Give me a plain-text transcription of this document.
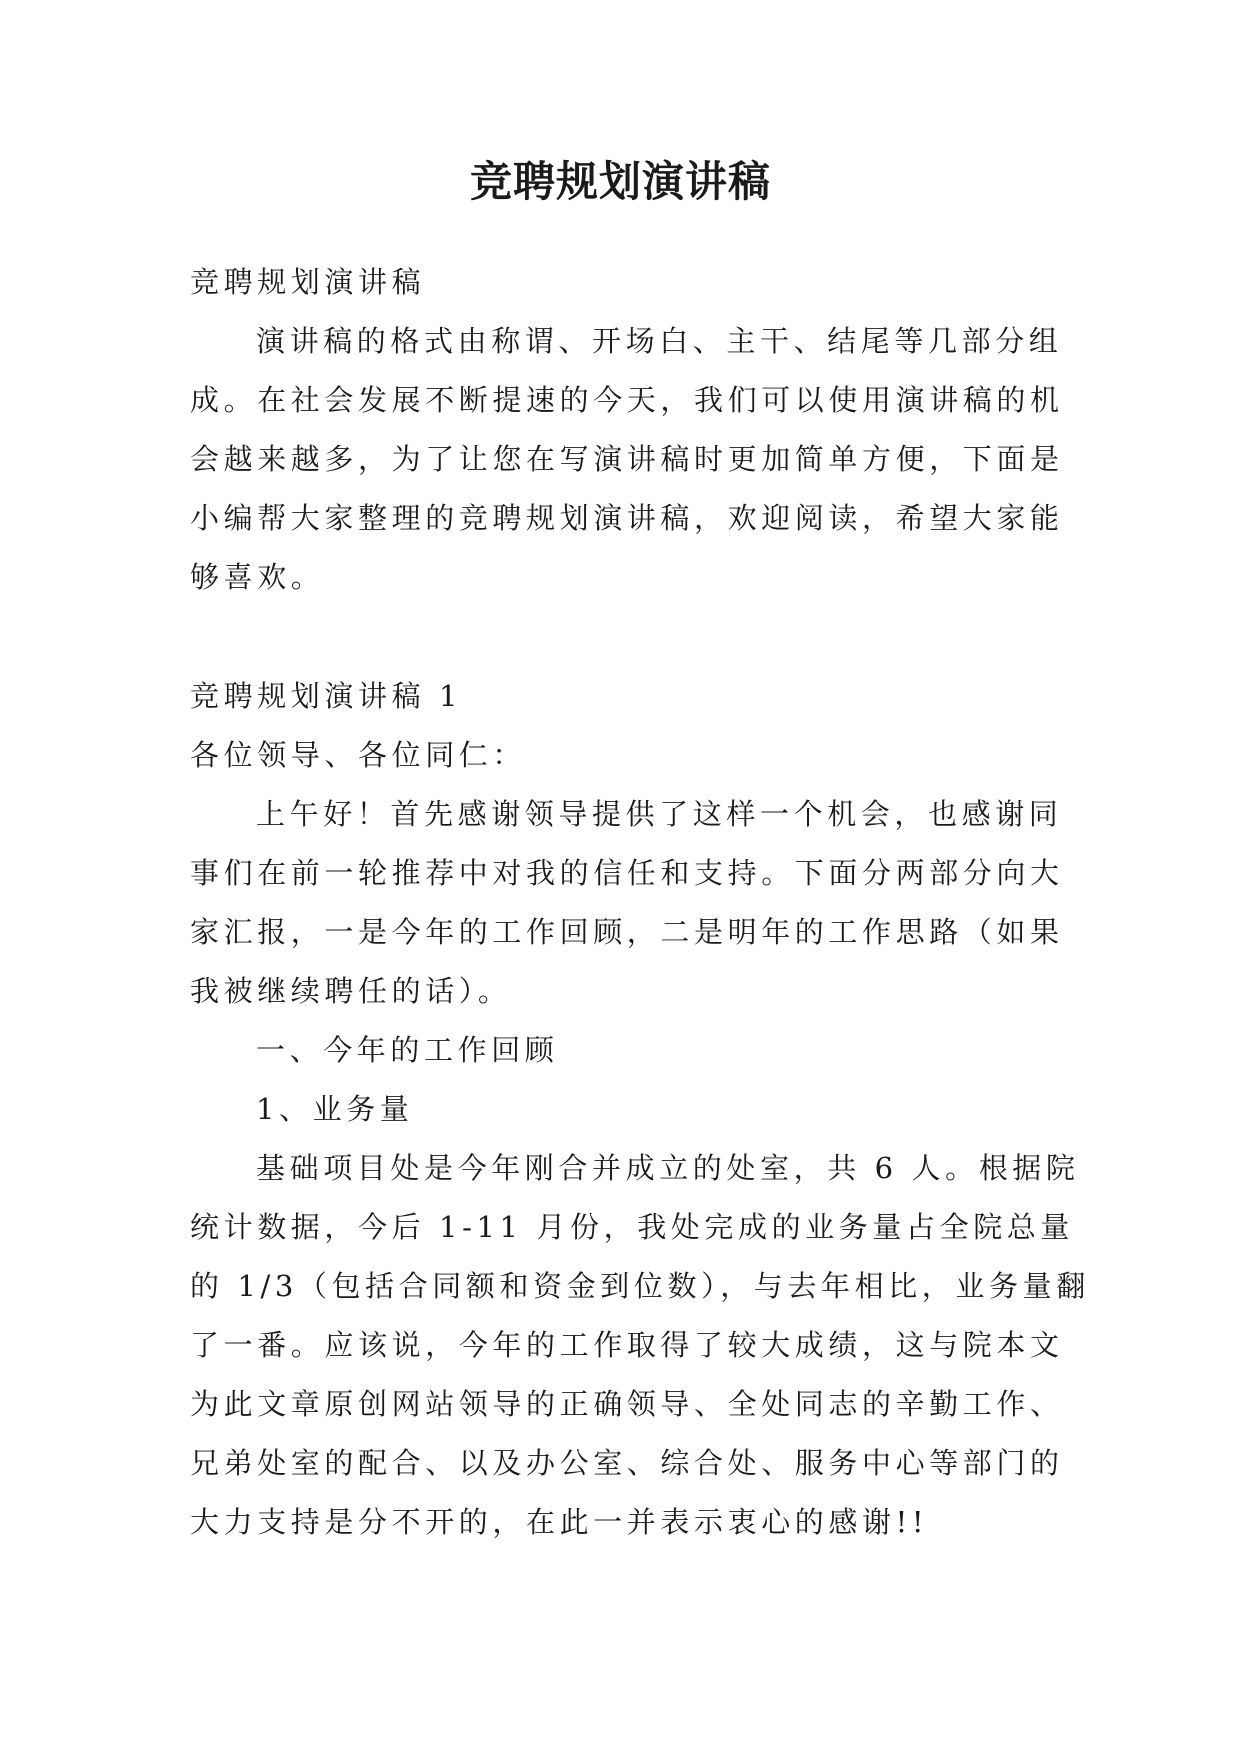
竞聘规划演讲稿
竞聘规划演讲稿
演讲稿的格式由称谓、开场白、主干、结尾等几部分组
成。在社会发展不断提速的今天，我们可以使用演讲稿的机
会越来越多，为了让您在写演讲稿时更加简单方便，下面是
小编帮大家整理的竞聘规划演讲稿，欢迎阅读，希望大家能
够喜欢。
竞聘规划演讲稿 1
各位领导、各位同仁：
上午好！首先感谢领导提供了这样一个机会，也感谢同
事们在前一轮推荐中对我的信任和支持。下面分两部分向大
家汇报，一是今年的工作回顾，二是明年的工作思路（如果
我被继续聘任的话）。
一、今年的工作回顾
1、业务量
基础项目处是今年刚合并成立的处室，共 6 人。根据院
统计数据，今后 1-11 月份，我处完成的业务量占全院总量
的 1/3（包括合同额和资金到位数），与去年相比，业务量翻
了一番。应该说，今年的工作取得了较大成绩，这与院本文
为此文章原创网站领导的正确领导、全处同志的辛勤工作、
兄弟处室的配合、以及办公室、综合处、服务中心等部门的
大力支持是分不开的，在此一并表示衷心的感谢!!
